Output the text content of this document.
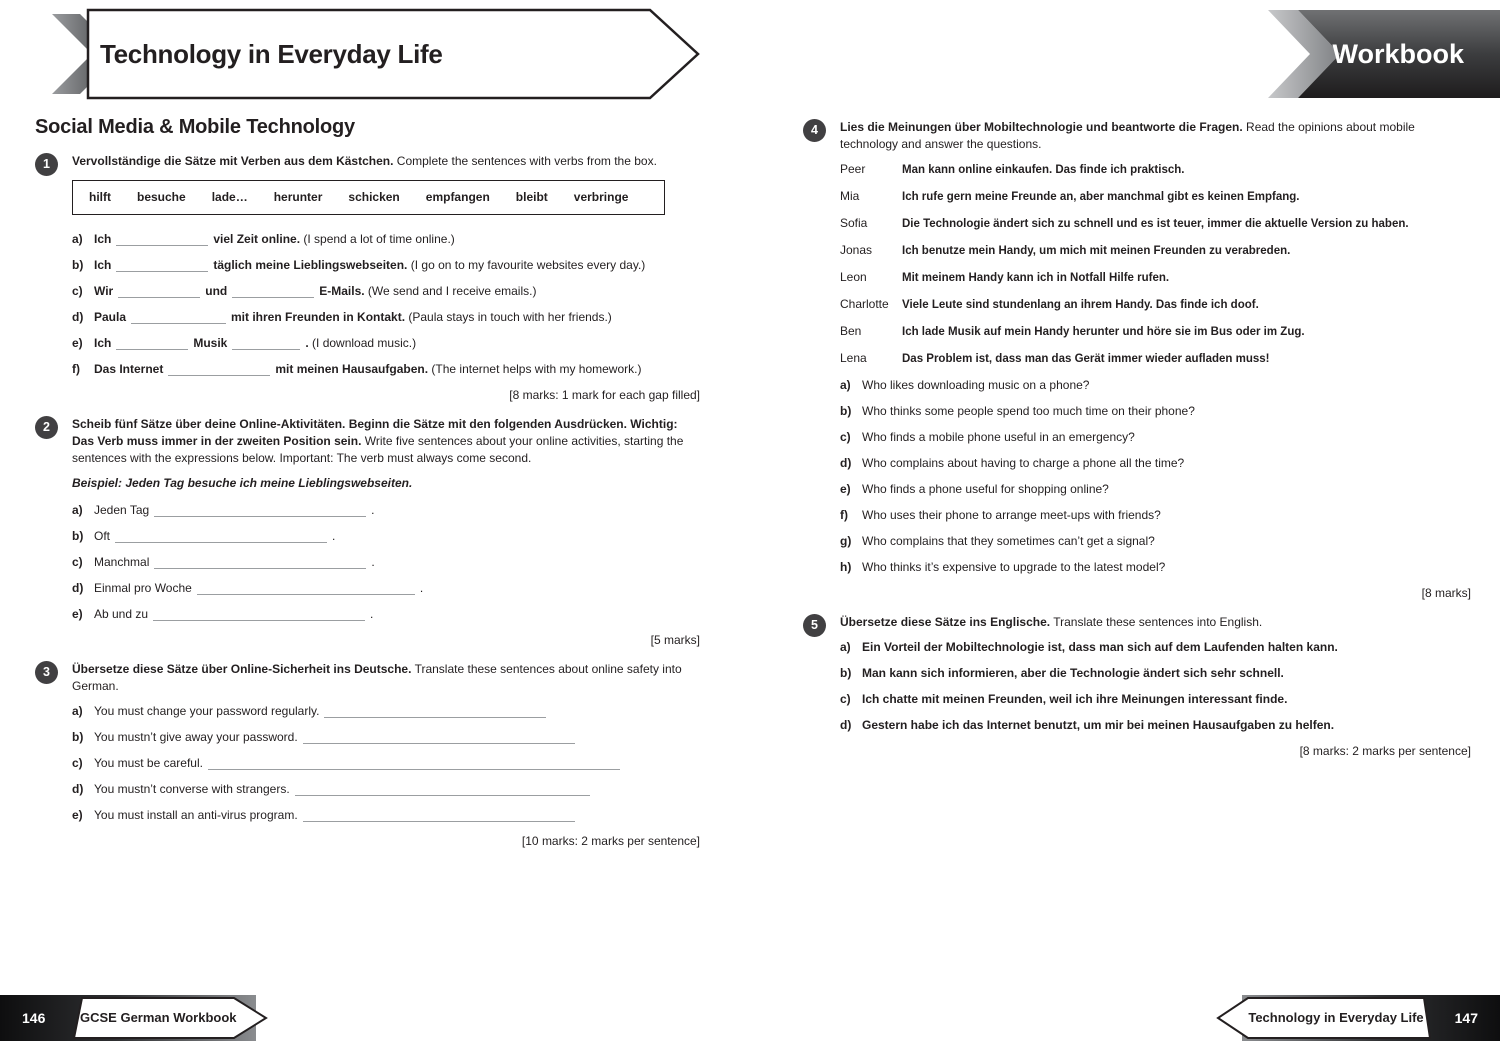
Technology in Everyday Life	Workbook
Social Media & Mobile Technology
1	Vervollständige die Sätze mit Verben aus dem Kästchen. Complete the sentences with verbs from the box.

hilft besuche lade… herunter schicken empfangen bleibt verbringe
a) Ich	viel Zeit online. (I spend a lot of time online.)
b) Ich	täglich meine Lieblingswebseiten. (I go on to my favourite websites every day.)
c) Wir	und	E-Mails. (We send and I receive emails.)
d) Paula	mit ihren Freunden in Kontakt. (Paula stays in touch with her friends.)
e) Ich	Musik	. (I download music.)
f) Das Internet	mit meinen Hausaufgaben. (The internet helps with my homework.)
[8 marks: 1 mark for each gap filled]
2	Scheib fünf Sätze über deine Online-Aktivitäten. Beginn die Sätze mit den folgenden Ausdrücken. Wichtig: Das Verb muss immer in der zweiten Position sein. Write five sentences about your online activities, starting the sentences with the expressions below. Important: The verb must always come second.

Beispiel: Jeden Tag besuche ich meine Lieblingswebseiten.

a) Jeden Tag	.
b) Oft	.
c) Manchmal	.
d) Einmal pro Woche	.
e) Ab und zu	.
[5 marks]
3	Übersetze diese Sätze über Online-Sicherheit ins Deutsche. Translate these sentences about online safety into German.

a) You must change your password regularly.
b) You mustn’t give away your password.
c) You must be careful.
d) You mustn’t converse with strangers.
e) You must install an anti-virus program.
[10 marks: 2 marks per sentence]
4	Lies die Meinungen über Mobiltechnologie und beantworte die Fragen. Read the opinions about mobile technology and answer the questions.

Peer	Man kann online einkaufen. Das finde ich praktisch.
Mia	Ich rufe gern meine Freunde an, aber manchmal gibt es keinen Empfang.
Sofia	Die Technologie ändert sich zu schnell und es ist teuer, immer die aktuelle Version zu haben.
Jonas	Ich benutze mein Handy, um mich mit meinen Freunden zu verabreden.
Leon	Mit meinem Handy kann ich in Notfall Hilfe rufen.
Charlotte Viele Leute sind stundenlang an ihrem Handy. Das finde ich doof.
Ben	Ich lade Musik auf mein Handy herunter und höre sie im Bus oder im Zug.
Lena	Das Problem ist, dass man das Gerät immer wieder aufladen muss!
a) Who likes downloading music on a phone?
b) Who thinks some people spend too much time on their phone?
c) Who finds a mobile phone useful in an emergency?
d) Who complains about having to charge a phone all the time?
e) Who finds a phone useful for shopping online?
f) Who uses their phone to arrange meet-ups with friends?
g) Who complains that they sometimes can’t get a signal?
h) Who thinks it’s expensive to upgrade to the latest model?
[8 marks]
5	Übersetze diese Sätze ins Englische. Translate these sentences into English.

a) Ein Vorteil der Mobiltechnologie ist, dass man sich auf dem Laufenden halten kann.
b) Man kann sich informieren, aber die Technologie ändert sich sehr schnell.
c) Ich chatte mit meinen Freunden, weil ich ihre Meinungen interessant finde.
d) Gestern habe ich das Internet benutzt, um mir bei meinen Hausaufgaben zu helfen.
[8 marks: 2 marks per sentence]
146	GCSE German Workbook	147
Technology in Everyday Life
